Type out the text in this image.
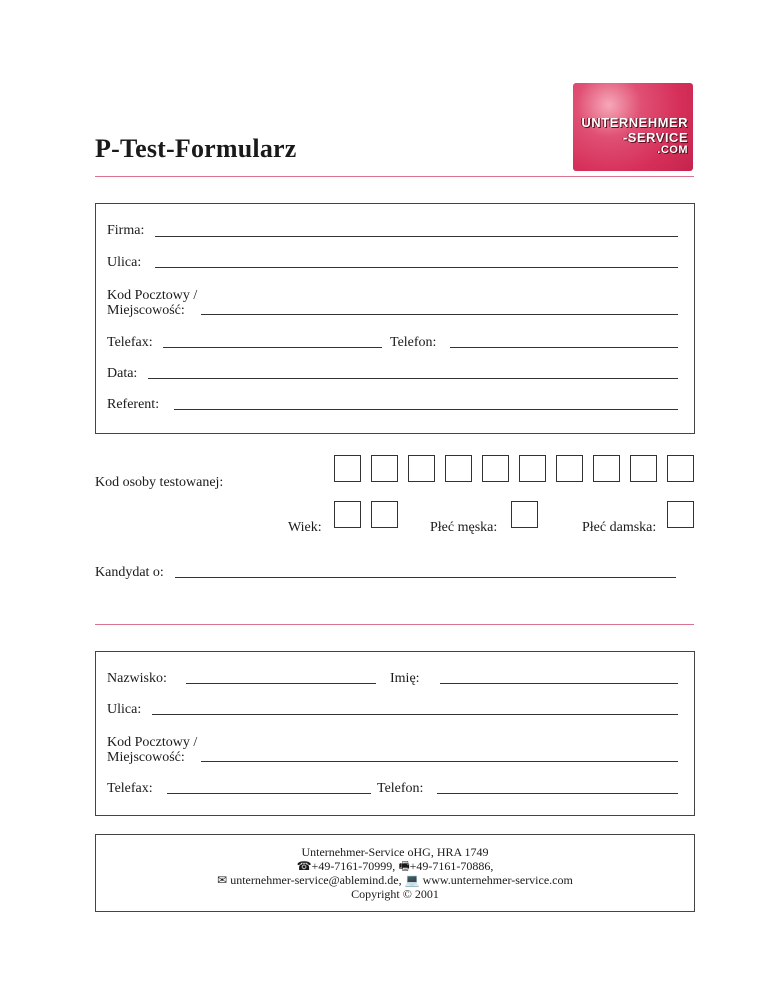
P-Test-Formularz
UNTERNEHMER
-SERVICE
.COM
Firma:
Ulica:
Kod Pocztowy /
Miejscowość:
Telefax:	Telefon:
Data:
Referent:
Kod osoby testowanej:
Wiek:	Płeć męska:	Płeć damska:
Kandydat o:
Nazwisko:	Imię:
Ulica:
Kod Pocztowy /
Miejscowość:
Telefax:	Telefon:
Unternehmer-Service oHG, HRA 1749
☎+49-7161-70999, 🖷+49-7161-70886,
✉ unternehmer-service@ablemind.de, 💻 www.unternehmer-service.com
Copyright © 2001
